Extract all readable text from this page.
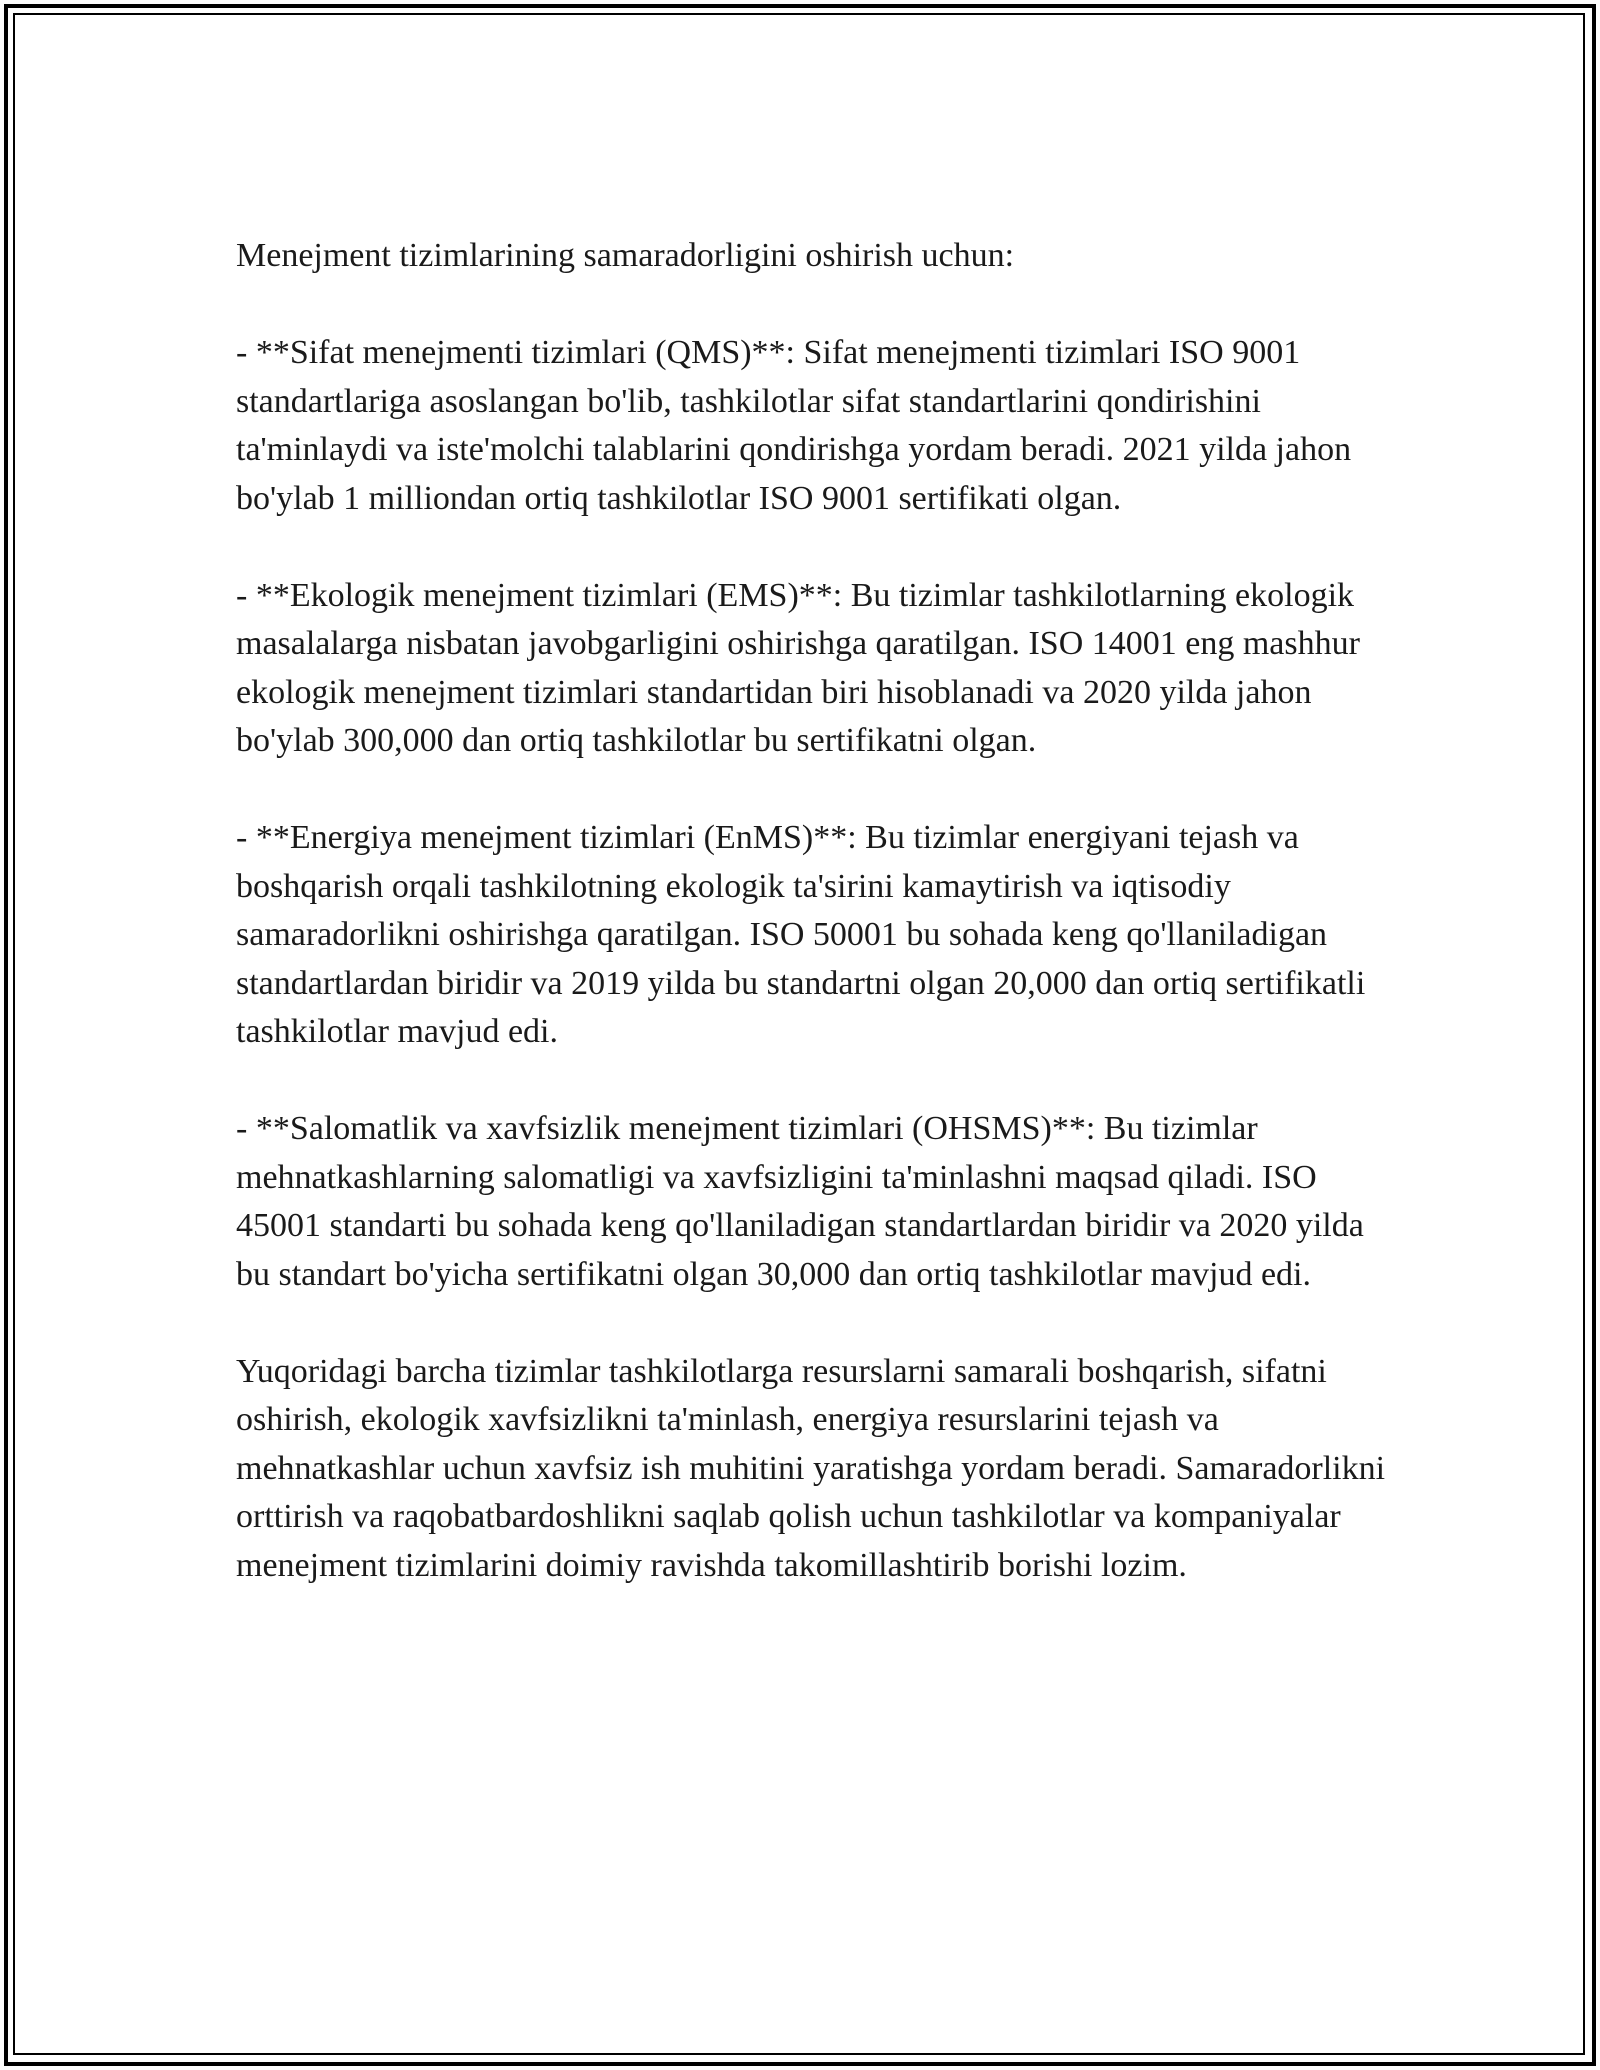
Menejment tizimlarining samaradorligini oshirish uchun:

- **Sifat menejmenti tizimlari (QMS)**: Sifat menejmenti tizimlari ISO 9001 standartlariga asoslangan bo'lib, tashkilotlar sifat standartlarini qondirishini ta'minlaydi va iste'molchi talablarini qondirishga yordam beradi. 2021 yilda jahon bo'ylab 1 milliondan ortiq tashkilotlar ISO 9001 sertifikati olgan.

- **Ekologik menejment tizimlari (EMS)**: Bu tizimlar tashkilotlarning ekologik masalalarga nisbatan javobgarligini oshirishga qaratilgan. ISO 14001 eng mashhur ekologik menejment tizimlari standartidan biri hisoblanadi va 2020 yilda jahon bo'ylab 300,000 dan ortiq tashkilotlar bu sertifikatni olgan.

- **Energiya menejment tizimlari (EnMS)**: Bu tizimlar energiyani tejash va boshqarish orqali tashkilotning ekologik ta'sirini kamaytirish va iqtisodiy samaradorlikni oshirishga qaratilgan. ISO 50001 bu sohada keng qo'llaniladigan standartlardan biridir va 2019 yilda bu standartni olgan 20,000 dan ortiq sertifikatli tashkilotlar mavjud edi.

- **Salomatlik va xavfsizlik menejment tizimlari (OHSMS)**: Bu tizimlar mehnatkashlarning salomatligi va xavfsizligini ta'minlashni maqsad qiladi. ISO 45001 standarti bu sohada keng qo'llaniladigan standartlardan biridir va 2020 yilda bu standart bo'yicha sertifikatni olgan 30,000 dan ortiq tashkilotlar mavjud edi.

Yuqoridagi barcha tizimlar tashkilotlarga resurslarni samarali boshqarish, sifatni oshirish, ekologik xavfsizlikni ta'minlash, energiya resurslarini tejash va mehnatkashlar uchun xavfsiz ish muhitini yaratishga yordam beradi. Samaradorlikni orttirish va raqobatbardoshlikni saqlab qolish uchun tashkilotlar va kompaniyalar menejment tizimlarini doimiy ravishda takomillashtirib borishi lozim.
